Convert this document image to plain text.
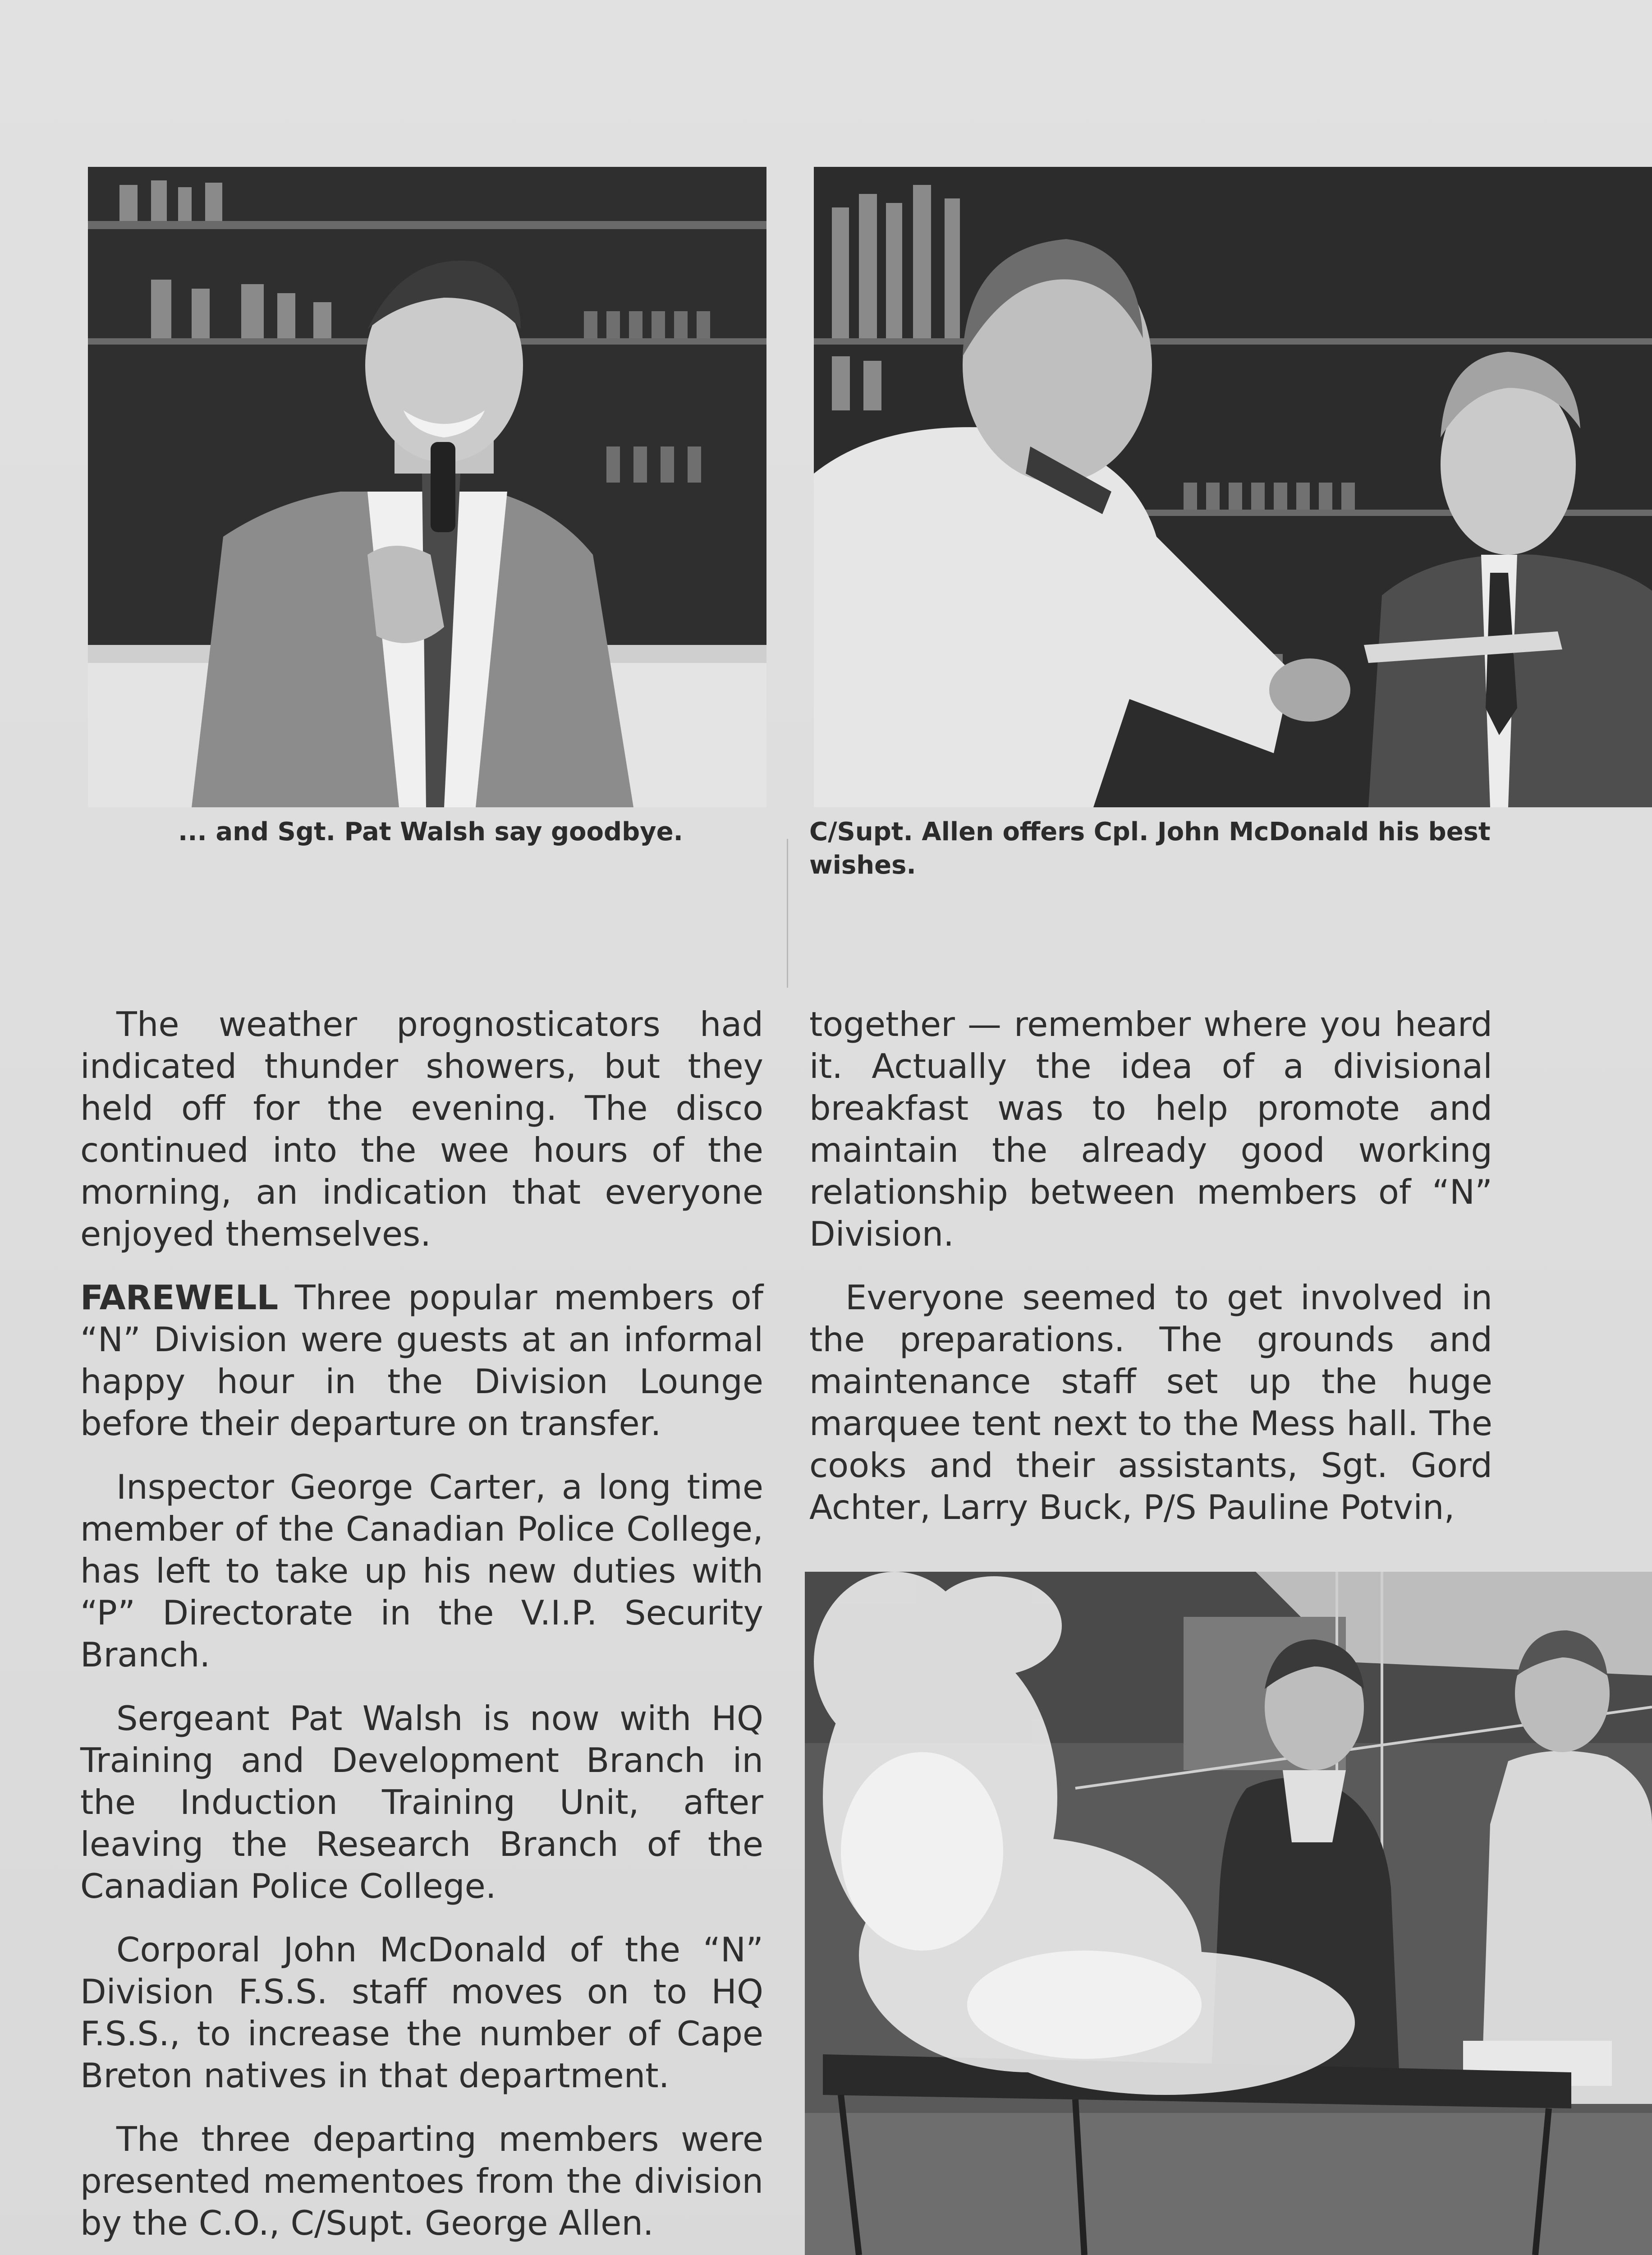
... and Sgt. Pat Walsh say goodbye.	C/Supt. Allen offers Cpl. John McDonald his best wishes.

The weather prognosticators had indicated thunder showers, but they held off for the evening. The disco continued into the wee hours of the morning, an indication that everyone enjoyed themselves.

FAREWELL Three popular members of “N” Division were guests at an informal happy hour in the Division Lounge before their departure on transfer.

Inspector George Carter, a long time member of the Canadian Police College, has left to take up his new duties with “P” Directorate in the V.I.P. Security Branch.

Sergeant Pat Walsh is now with HQ Training and Development Branch in the Induction Training Unit, after leaving the Research Branch of the Canadian Police College.

Corporal John McDonald of the “N” Division F.S.S. staff moves on to HQ F.S.S., to increase the number of Cape Breton natives in that department.

The three departing members were presented mementoes from the division by the C.O., C/Supt. George Allen.

together — remember where you heard it. Actually the idea of a divisional breakfast was to help promote and maintain the already good working relationship between members of “N” Division.

Everyone seemed to get involved in the preparations. The grounds and maintenance staff set up the huge marquee tent next to the Mess hall. The cooks and their assistants, Sgt. Gord Achter, Larry Buck, P/S Pauline Potvin,
